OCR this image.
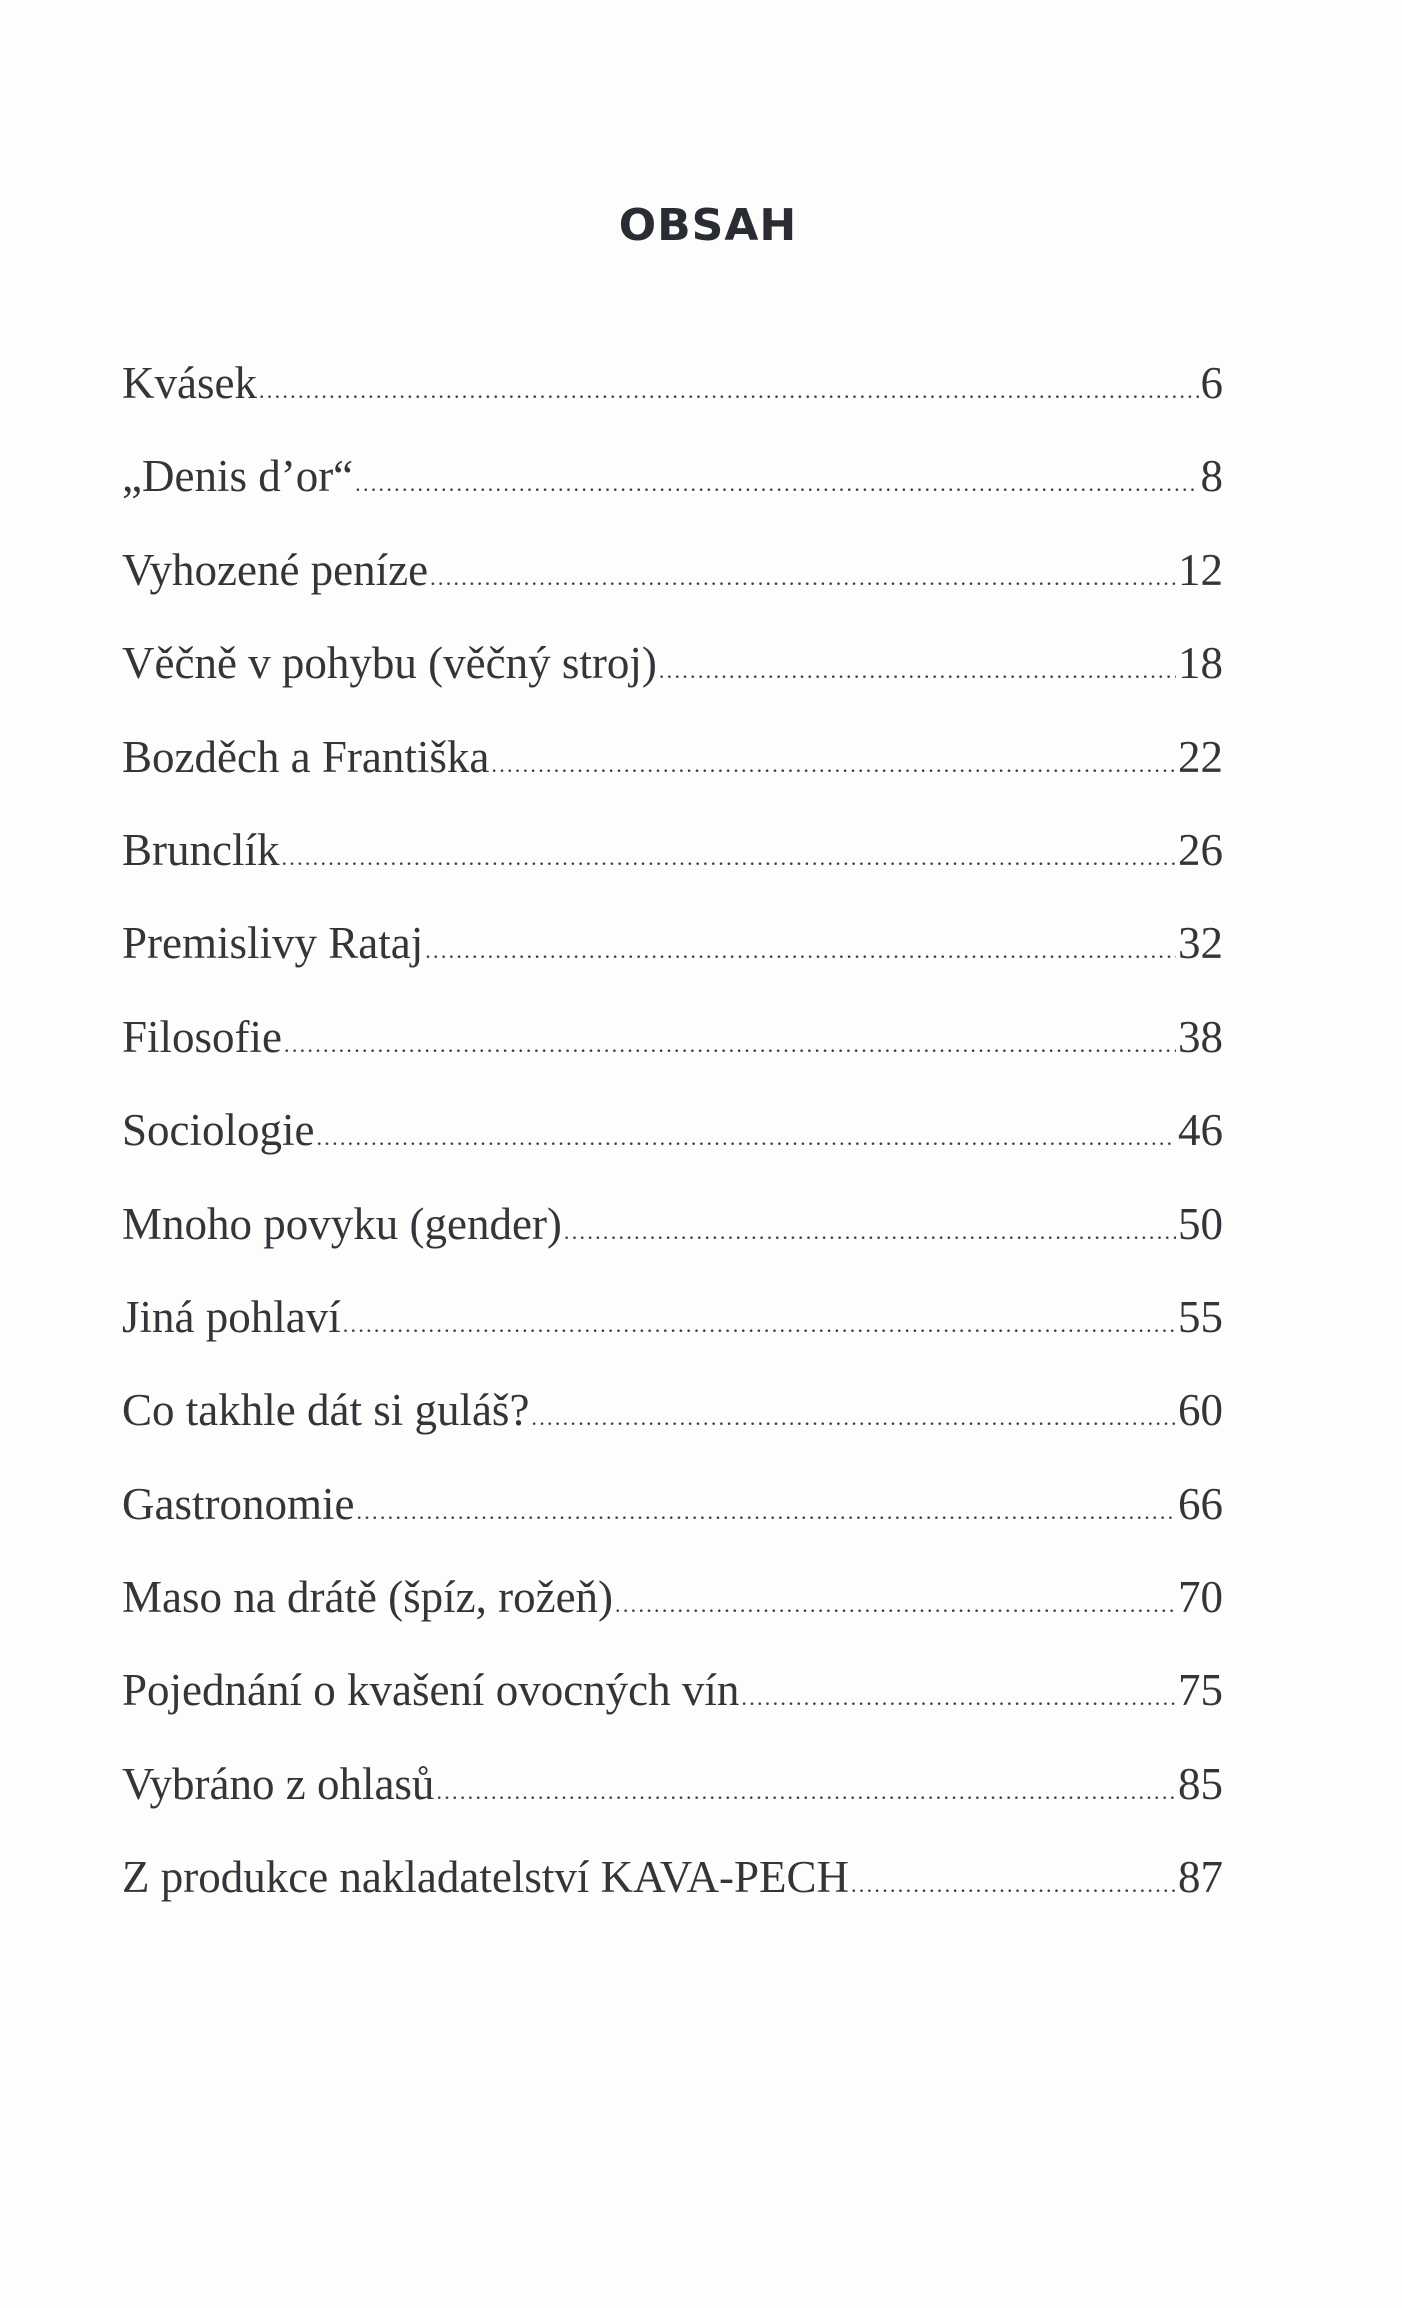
OBSAH
Kvásek . . .	6
„Denis d’or“ . . .	8
Vyhozené peníze . . .	12
Věčně v pohybu (věčný stroj) . . .	18
Bozděch a Františka . . .	22
Brunclík . . .	26
Premislivy Rataj . . .	32
Filosofie . . .	38
Sociologie . . .	46
Mnoho povyku (gender) . . .	50
Jiná pohlaví . . .	55
Co takhle dát si guláš? . . .	60
Gastronomie . . .	66
Maso na drátě (špíz, rožeň) . . .	70
Pojednání o kvašení ovocných vín . . .	75
Vybráno z ohlasů . . .	85
Z produkce nakladatelství KAVA-PECH . . .	87
